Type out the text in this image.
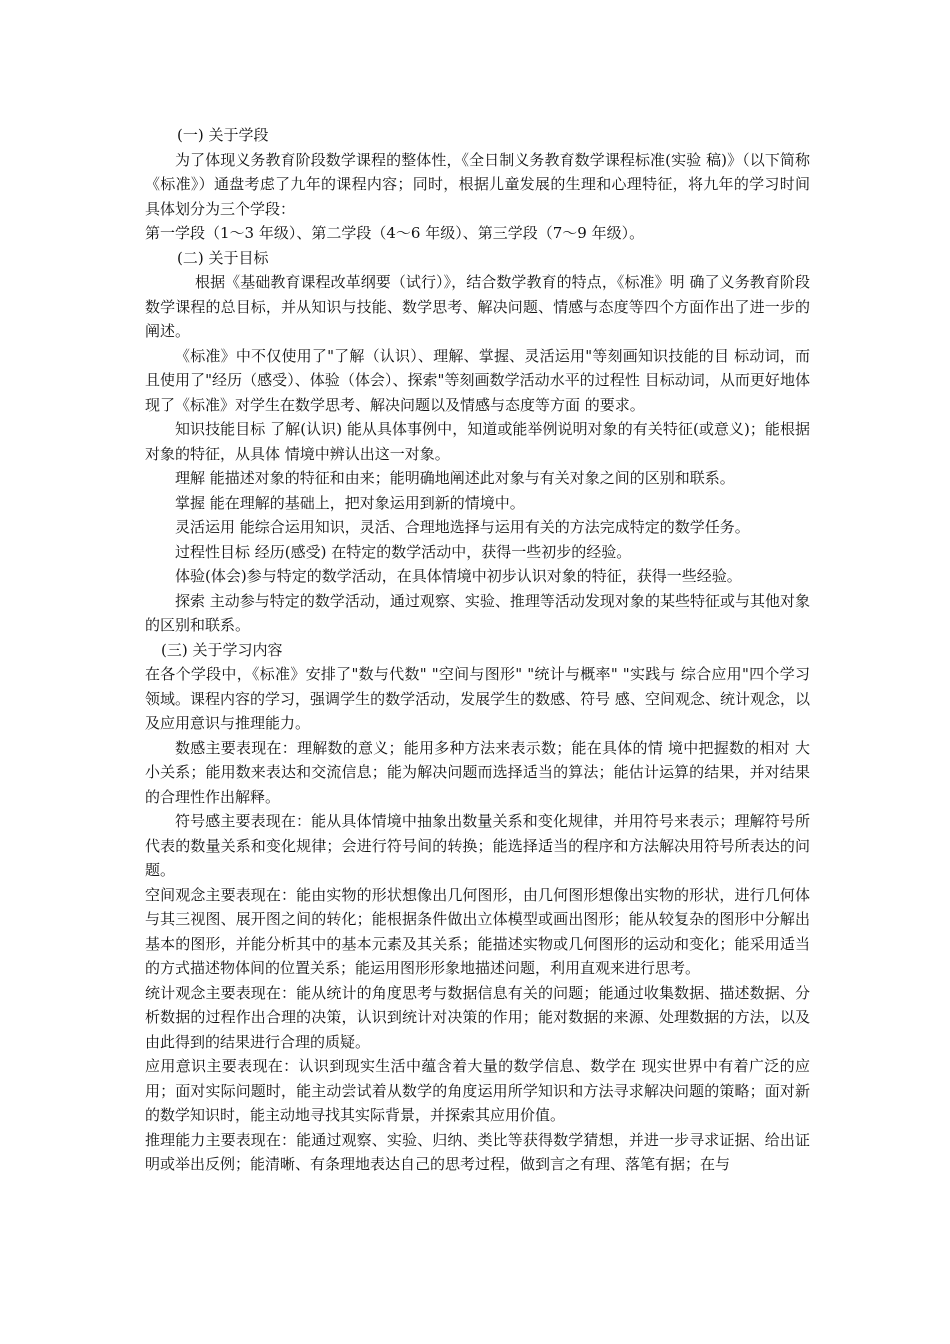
(一) 关于学段

为了体现义务教育阶段数学课程的整体性，《全日制义务教育数学课程标准(实验 稿)》（以下简称《标准》）通盘考虑了九年的课程内容；同时，根据儿童发展的生理和心理特征，将九年的学习时间具体划分为三个学段：

第一学段（1～3 年级）、第二学段（4～6 年级）、第三学段（7～9 年级）。

(二) 关于目标

根据《基础教育课程改革纲要（试行）》，结合数学教育的特点，《标准》明 确了义务教育阶段数学课程的总目标，并从知识与技能、数学思考、解决问题、情感与态度等四个方面作出了进一步的阐述。

《标准》中不仅使用了"了解（认识）、理解、掌握、灵活运用"等刻画知识技能的目 标动词，而且使用了"经历（感受）、体验（体会）、探索"等刻画数学活动水平的过程性 目标动词，从而更好地体现了《标准》对学生在数学思考、解决问题以及情感与态度等方面 的要求。

知识技能目标 了解(认识) 能从具体事例中，知道或能举例说明对象的有关特征(或意义)；能根据对象的特征，从具体 情境中辨认出这一对象。

理解 能描述对象的特征和由来；能明确地阐述此对象与有关对象之间的区别和联系。

掌握 能在理解的基础上，把对象运用到新的情境中。

灵活运用 能综合运用知识，灵活、合理地选择与运用有关的方法完成特定的数学任务。

过程性目标 经历(感受) 在特定的数学活动中，获得一些初步的经验。

体验(体会)参与特定的数学活动，在具体情境中初步认识对象的特征，获得一些经验。

探索 主动参与特定的数学活动，通过观察、实验、推理等活动发现对象的某些特征或与其他对象的区别和联系。

(三) 关于学习内容

在各个学段中，《标准》安排了"数与代数" "空间与图形" "统计与概率" "实践与 综合应用"四个学习领域。课程内容的学习，强调学生的数学活动，发展学生的数感、符号 感、空间观念、统计观念，以及应用意识与推理能力。

数感主要表现在：理解数的意义；能用多种方法来表示数；能在具体的情 境中把握数的相对 大小关系；能用数来表达和交流信息；能为解决问题而选择适当的算法；能估计运算的结果，并对结果的合理性作出解释。

符号感主要表现在：能从具体情境中抽象出数量关系和变化规律，并用符号来表示；理解符号所代表的数量关系和变化规律；会进行符号间的转换；能选择适当的程序和方法解决用符号所表达的问题。

空间观念主要表现在：能由实物的形状想像出几何图形，由几何图形想像出实物的形状，进行几何体与其三视图、展开图之间的转化；能根据条件做出立体模型或画出图形；能从较复杂的图形中分解出基本的图形，并能分析其中的基本元素及其关系；能描述实物或几何图形的运动和变化；能采用适当的方式描述物体间的位置关系；能运用图形形象地描述问题，利用直观来进行思考。

统计观念主要表现在：能从统计的角度思考与数据信息有关的问题；能通过收集数据、描述数据、分析数据的过程作出合理的决策，认识到统计对决策的作用；能对数据的来源、处理数据的方法，以及由此得到的结果进行合理的质疑。

应用意识主要表现在：认识到现实生活中蕴含着大量的数学信息、数学在 现实世界中有着广泛的应用；面对实际问题时，能主动尝试着从数学的角度运用所学知识和方法寻求解决问题的策略；面对新的数学知识时，能主动地寻找其实际背景，并探索其应用价值。

推理能力主要表现在：能通过观察、实验、归纳、类比等获得数学猜想，并进一步寻求证据、给出证明或举出反例；能清晰、有条理地表达自己的思考过程，做到言之有理、落笔有据；在与
